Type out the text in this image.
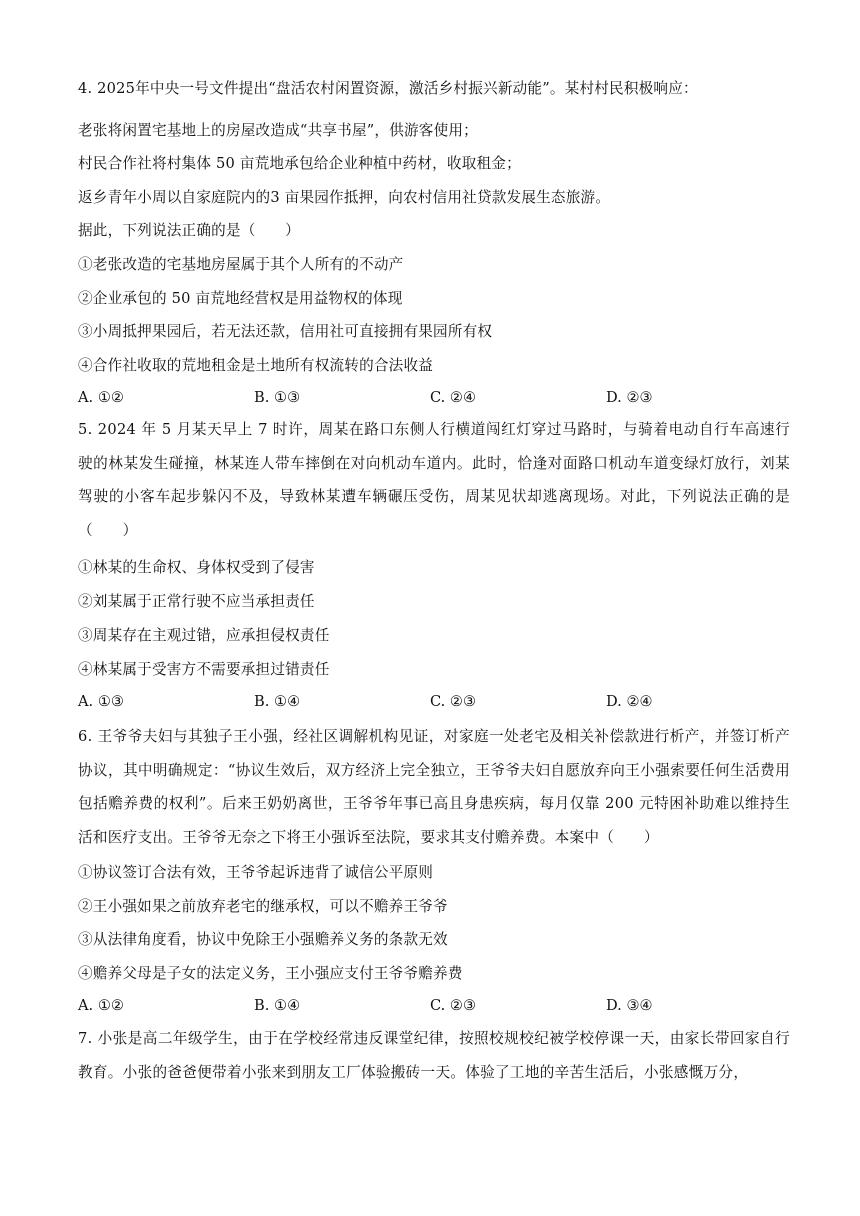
4. 2025年中央一号文件提出“盘活农村闲置资源，激活乡村振兴新动能”。某村村民积极响应：
老张将闲置宅基地上的房屋改造成“共享书屋”，供游客使用；
村民合作社将村集体 50 亩荒地承包给企业种植中药材，收取租金；
返乡青年小周以自家庭院内的3 亩果园作抵押，向农村信用社贷款发展生态旅游。
据此，下列说法正确的是（　　）
①老张改造的宅基地房屋属于其个人所有的不动产
②企业承包的 50 亩荒地经营权是用益物权的体现
③小周抵押果园后，若无法还款，信用社可直接拥有果园所有权
④合作社收取的荒地租金是土地所有权流转的合法收益
A. ①②	B. ①③	C. ②④	D. ②③
5. 2024 年 5 月某天早上 7 时许，周某在路口东侧人行横道闯红灯穿过马路时，与骑着电动自行车高速行驶的林某发生碰撞，林某连人带车摔倒在对向机动车道内。此时，恰逢对面路口机动车道变绿灯放行，刘某驾驶的小客车起步躲闪不及，导致林某遭车辆碾压受伤，周某见状却逃离现场。对此，下列说法正确的是（　　）
①林某的生命权、身体权受到了侵害
②刘某属于正常行驶不应当承担责任
③周某存在主观过错，应承担侵权责任
④林某属于受害方不需要承担过错责任
A. ①③	B. ①④	C. ②③	D. ②④
6. 王爷爷夫妇与其独子王小强，经社区调解机构见证，对家庭一处老宅及相关补偿款进行析产，并签订析产协议，其中明确规定：“协议生效后，双方经济上完全独立，王爷爷夫妇自愿放弃向王小强索要任何生活费用包括赡养费的权利”。后来王奶奶离世，王爷爷年事已高且身患疾病，每月仅靠 200 元特困补助难以维持生活和医疗支出。王爷爷无奈之下将王小强诉至法院，要求其支付赡养费。本案中（　　）
①协议签订合法有效，王爷爷起诉违背了诚信公平原则
②王小强如果之前放弃老宅的继承权，可以不赡养王爷爷
③从法律角度看，协议中免除王小强赡养义务的条款无效
④赡养父母是子女的法定义务，王小强应支付王爷爷赡养费
A. ①②	B. ①④	C. ②③	D. ③④
7. 小张是高二年级学生，由于在学校经常违反课堂纪律，按照校规校纪被学校停课一天，由家长带回家自行教育。小张的爸爸便带着小张来到朋友工厂体验搬砖一天。体验了工地的辛苦生活后，小张感慨万分，
